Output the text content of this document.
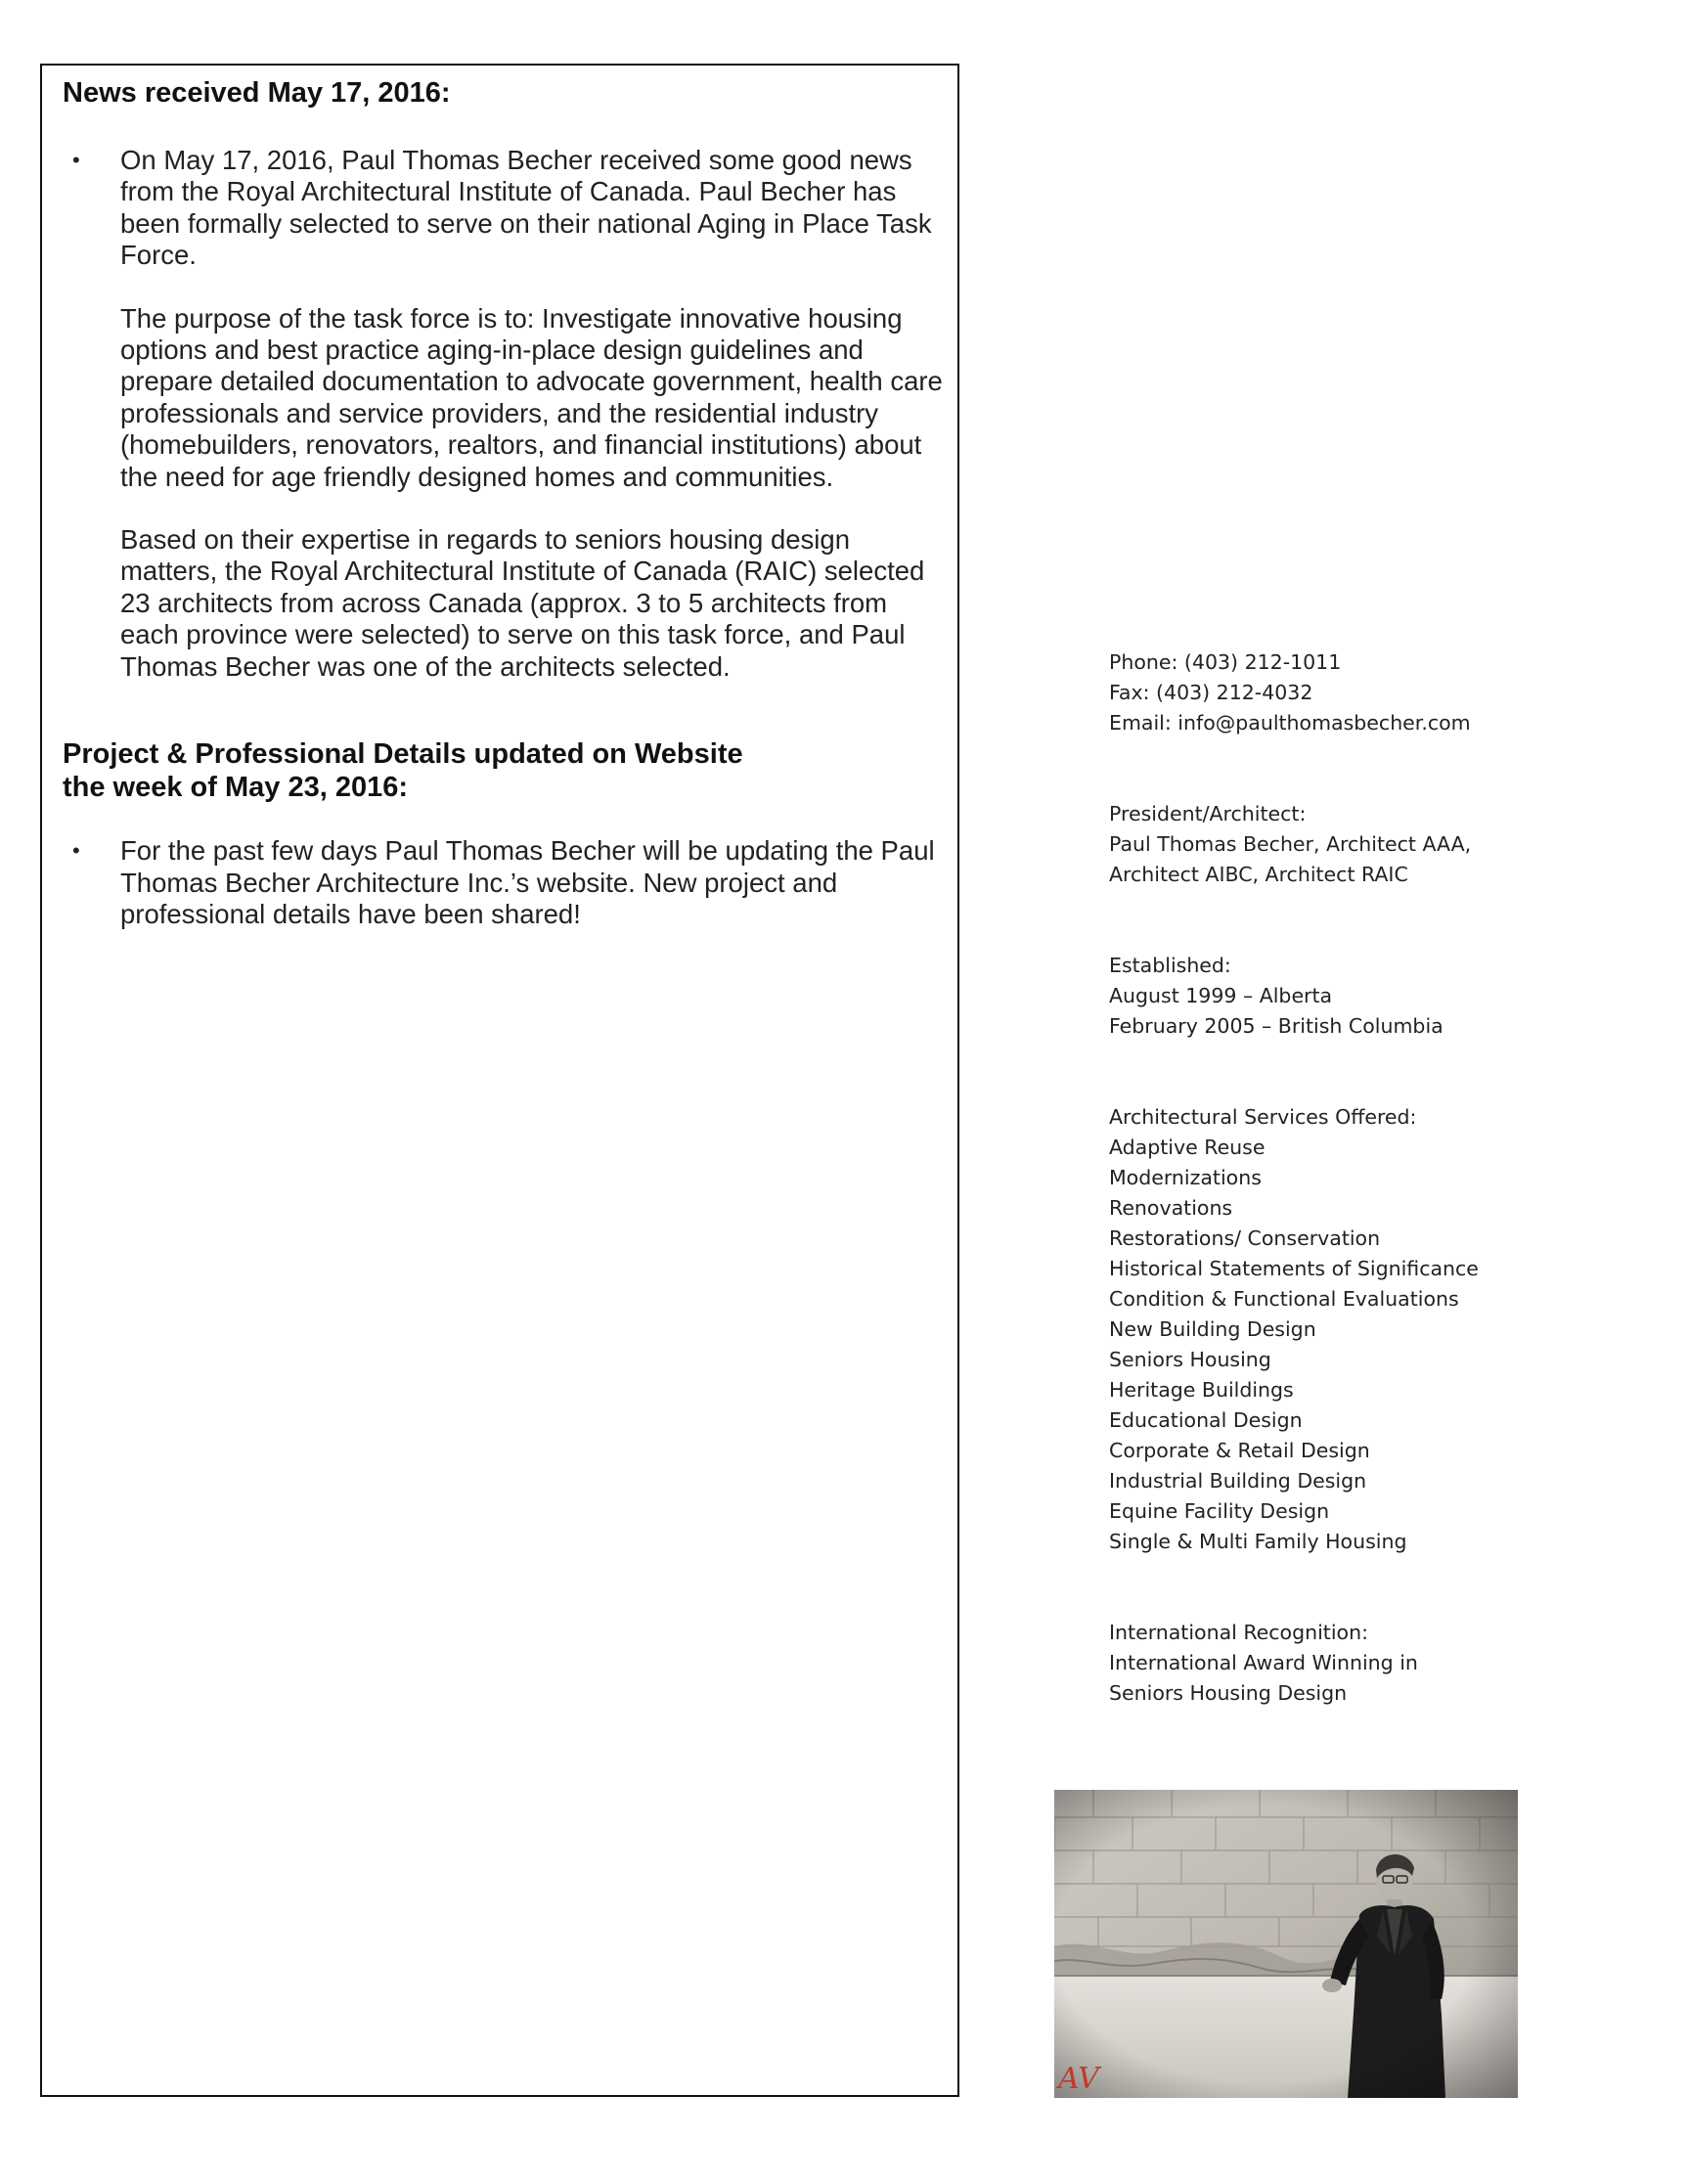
News received May 17, 2016:
• On May 17, 2016, Paul Thomas Becher received some good news from the Royal Architectural Institute of Canada. Paul Becher has been formally selected to serve on their national Aging in Place Task Force.

The purpose of the task force is to: Investigate innovative housing options and best practice aging-in-place design guidelines and prepare detailed documentation to advocate government, health care professionals and service providers, and the residential industry (homebuilders, renovators, realtors, and financial institutions) about the need for age friendly designed homes and communities.

Based on their expertise in regards to seniors housing design matters, the Royal Architectural Institute of Canada (RAIC) selected 23 architects from across Canada (approx. 3 to 5 architects from each province were selected) to serve on this task force, and Paul Thomas Becher was one of the architects selected.

Project & Professional Details updated on Website
the week of May 23, 2016:
• For the past few days Paul Thomas Becher will be updating the Paul Thomas Becher Architecture Inc.’s website. New project and professional details have been shared!

Phone: (403) 212-1011
Fax: (403) 212-4032
Email: info@paulthomasbecher.com
President/Architect:
Paul Thomas Becher, Architect AAA,
Architect AIBC, Architect RAIC
Established:
August 1999 – Alberta
February 2005 – British Columbia
Architectural Services Offered:
Adaptive Reuse
Modernizations
Renovations
Restorations/ Conservation
Historical Statements of Significance
Condition & Functional Evaluations
New Building Design
Seniors Housing
Heritage Buildings
Educational Design
Corporate & Retail Design
Industrial Building Design
Equine Facility Design
Single & Multi Family Housing
International Recognition:
International Award Winning in
Seniors Housing Design
AV
